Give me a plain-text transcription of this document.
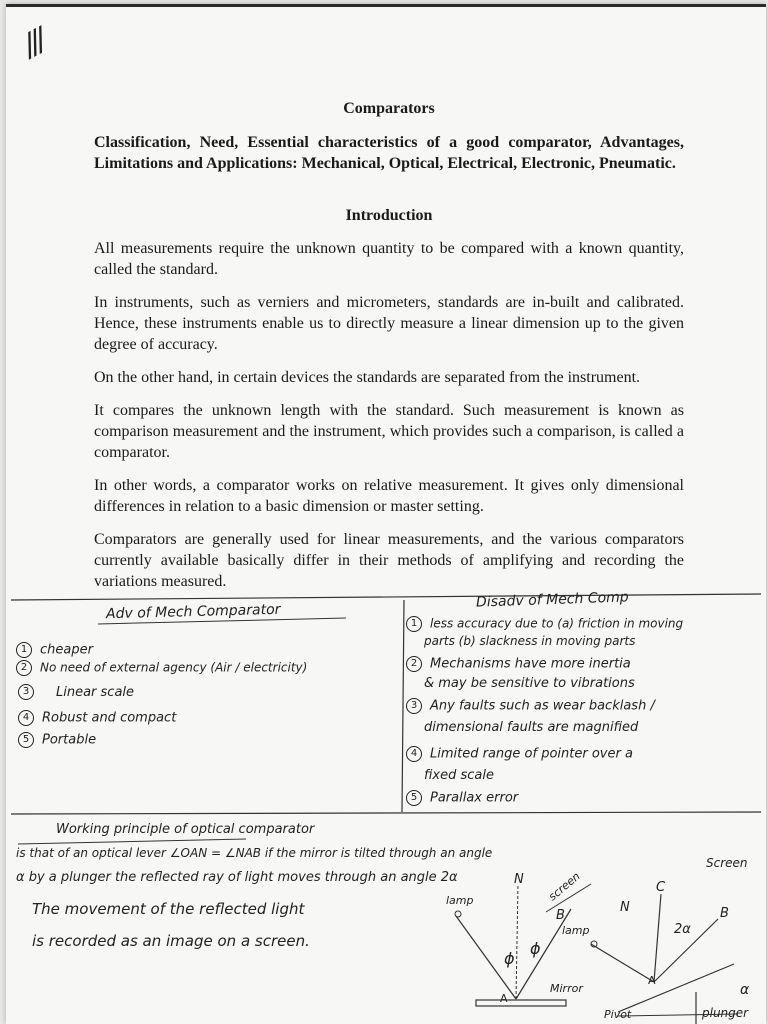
///
Comparators
Classification, Need, Essential characteristics of a good comparator, Advantages, Limitations and Applications: Mechanical, Optical, Electrical, Electronic, Pneumatic.
Introduction

All measurements require the unknown quantity to be compared with a known quantity, called the standard.

In instruments, such as verniers and micrometers, standards are in-built and calibrated. Hence, these instruments enable us to directly measure a linear dimension up to the given degree of accuracy.

On the other hand, in certain devices the standards are separated from the instrument.

It compares the unknown length with the standard. Such measurement is known as comparison measurement and the instrument, which provides such a comparison, is called a comparator.

In other words, a comparator works on relative measurement. It gives only dimensional differences in relation to a basic dimension or master setting.

Comparators are generally used for linear measurements, and the various comparators currently available basically differ in their methods of amplifying and recording the variations measured.

Adv of Mech Comparator
1 cheaper
2 No need of external agency (Air / electricity)
3 Linear scale
4 Robust and compact
5 Portable
Disadv of Mech Comp
1 less accuracy due to (a) friction in moving
parts (b) slackness in moving parts
2 Mechanisms have more inertia
& may be sensitive to vibrations
3 Any faults such as wear backlash /
dimensional faults are magnified
4 Limited range of pointer over a
fixed scale
5 Parallax error
Working principle of optical comparator
is that of an optical lever ∠OAN = ∠NAB if the mirror is tilted through an angle
α by a plunger the reflected ray of light moves through an angle 2α
The movement of the reflected light
is recorded as an image on a screen.
lamp
lamp
screen
Screen
N
N
B	B
C
ϕ
ϕ
2α
α
Mirror
A
A
Pivot	plunger
